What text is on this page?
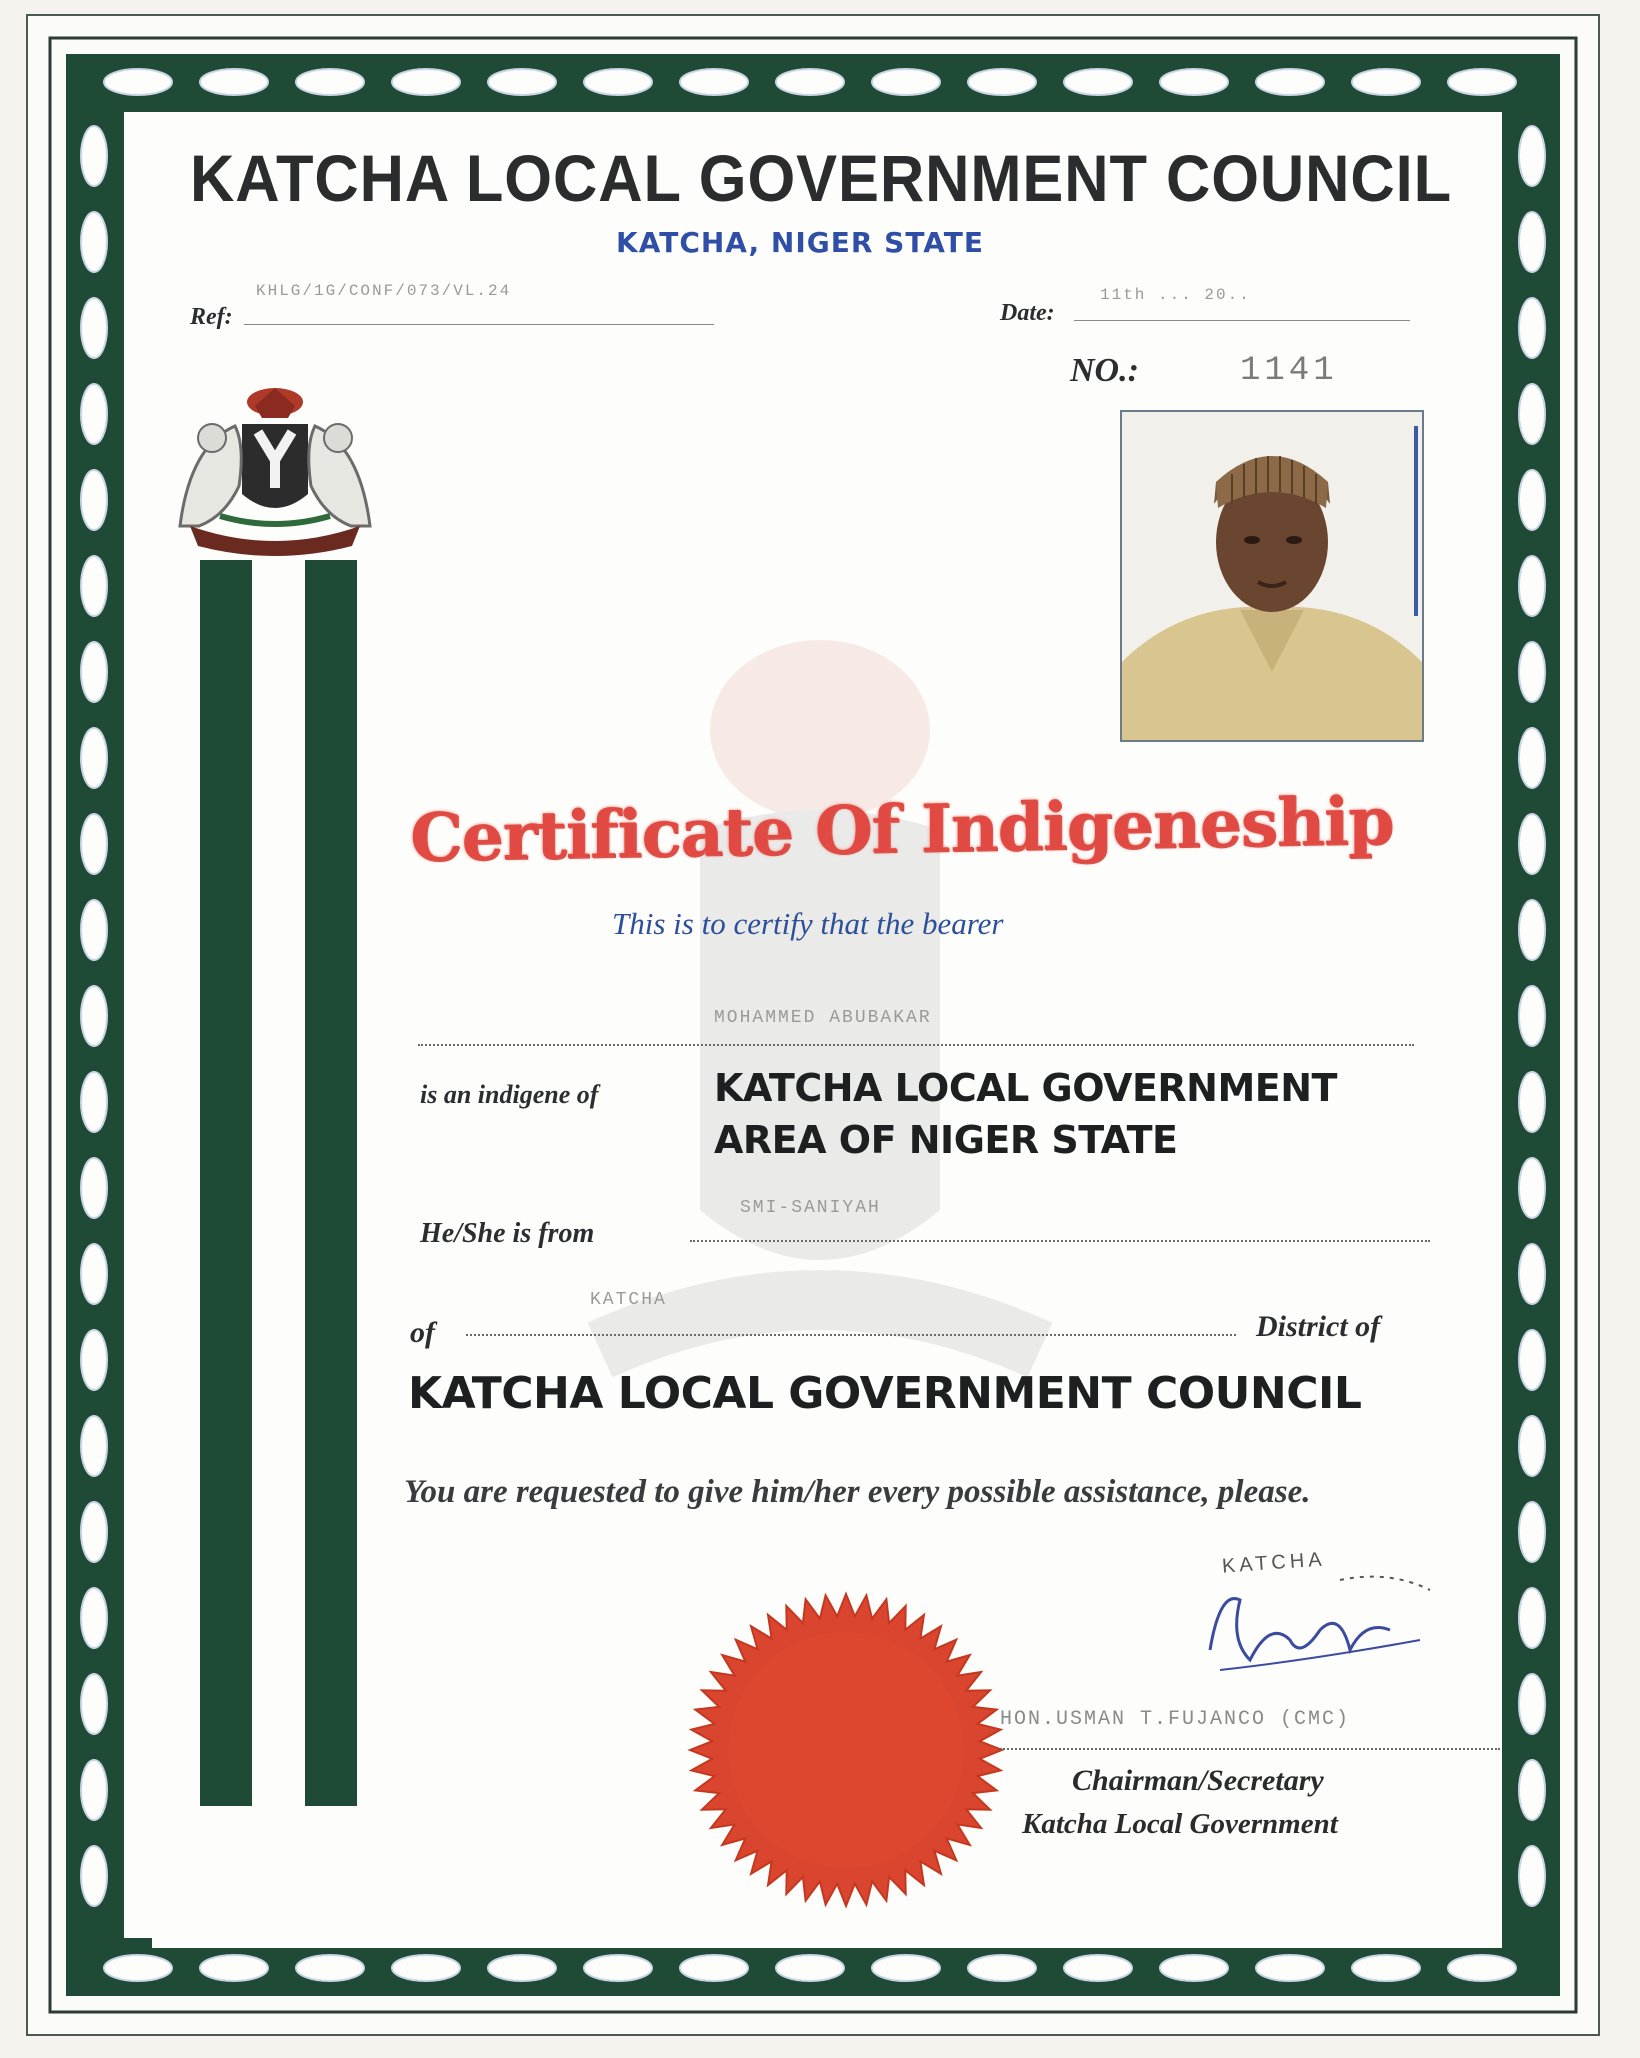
KATCHA LOCAL GOVERNMENT COUNCIL
KATCHA, NIGER STATE
Ref:
KHLG/1G/CONF/073/VL.24
Date:
11th ... 20..
NO.:	1141
Certificate Of Indigeneship
This is to certify that the bearer
MOHAMMED ABUBAKAR
is an indigene of	KATCHA LOCAL GOVERNMENT
AREA OF NIGER STATE
SMI-SANIYAH
He/She is from
KATCHA
of	District of
KATCHA LOCAL GOVERNMENT COUNCIL
You are requested to give him/her every possible assistance, please.
KATCHA
HON.USMAN T.FUJANCO (CMC)
Chairman/Secretary
Katcha Local Government
